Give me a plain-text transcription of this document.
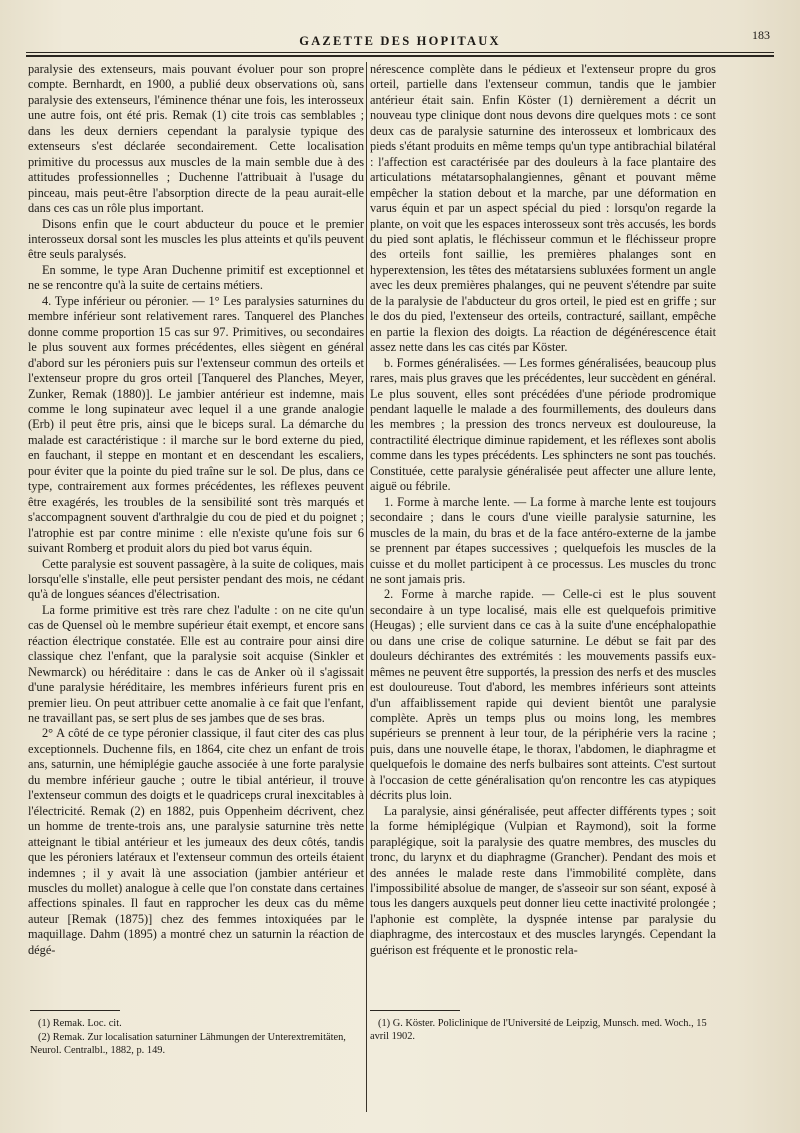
GAZETTE DES HOPITAUX	183

paralysie des extenseurs, mais pouvant évoluer pour son propre compte. Bernhardt, en 1900, a publié deux observations où, sans paralysie des extenseurs, l'éminence thénar une fois, les interosseux une autre fois, ont été pris. Remak (1) cite trois cas semblables ; dans les deux derniers cependant la paralysie typique des extenseurs s'est déclarée secondairement. Cette localisation primitive du processus aux muscles de la main semble due à des attitudes professionnelles ; Duchenne l'attribuait à l'usage du pinceau, mais peut-être l'absorption directe de la peau aurait-elle dans ces cas un rôle plus important.

Disons enfin que le court abducteur du pouce et le premier interosseux dorsal sont les muscles les plus atteints et qu'ils peuvent être seuls paralysés.

En somme, le type Aran Duchenne primitif est exceptionnel et ne se rencontre qu'à la suite de certains métiers.

4. Type inférieur ou péronier. — 1° Les paralysies saturnines du membre inférieur sont relativement rares. Tanquerel des Planches donne comme proportion 15 cas sur 97. Primitives, ou secondaires le plus souvent aux formes précédentes, elles siègent en général d'abord sur les péroniers puis sur l'extenseur commun des orteils et l'extenseur propre du gros orteil [Tanquerel des Planches, Meyer, Zunker, Remak (1880)]. Le jambier antérieur est indemne, mais comme le long supinateur avec lequel il a une grande analogie (Erb) il peut être pris, ainsi que le biceps sural. La démarche du malade est caractéristique : il marche sur le bord externe du pied, en fauchant, il steppe en montant et en descendant les escaliers, pour éviter que la pointe du pied traîne sur le sol. De plus, dans ce type, contrairement aux formes précédentes, les réflexes peuvent être exagérés, les troubles de la sensibilité sont très marqués et s'accompagnent souvent d'arthralgie du cou de pied et du poignet ; l'atrophie est par contre minime : elle n'existe qu'une fois sur 6 suivant Romberg et produit alors du pied bot varus équin.

Cette paralysie est souvent passagère, à la suite de coliques, mais lorsqu'elle s'installe, elle peut persister pendant des mois, ne cédant qu'à de longues séances d'électrisation.

La forme primitive est très rare chez l'adulte : on ne cite qu'un cas de Quensel où le membre supérieur était exempt, et encore sans réaction électrique constatée. Elle est au contraire pour ainsi dire classique chez l'enfant, que la paralysie soit acquise (Sinkler et Newmarck) ou héréditaire : dans le cas de Anker où il s'agissait d'une paralysie héréditaire, les membres inférieurs furent pris en premier lieu. On peut attribuer cette anomalie à ce fait que l'enfant, ne travaillant pas, se sert plus de ses jambes que de ses bras.

2° A côté de ce type péronier classique, il faut citer des cas plus exceptionnels. Duchenne fils, en 1864, cite chez un enfant de trois ans, saturnin, une hémiplégie gauche associée à une forte paralysie du membre inférieur gauche ; outre le tibial antérieur, il trouve l'extenseur commun des doigts et le quadriceps crural inexcitables à l'électricité. Remak (2) en 1882, puis Oppenheim décrivent, chez un homme de trente-trois ans, une paralysie saturnine très nette atteignant le tibial antérieur et les jumeaux des deux côtés, tandis que les péroniers latéraux et l'extenseur commun des orteils étaient indemnes ; il y avait là une association (jambier antérieur et muscles du mollet) analogue à celle que l'on constate dans certaines affections spinales. Il faut en rapprocher les deux cas du même auteur [Remak (1875)] chez des femmes intoxiquées par le maquillage. Dahm (1895) a montré chez un saturnin la réaction de dégé-

nérescence complète dans le pédieux et l'extenseur propre du gros orteil, partielle dans l'extenseur commun, tandis que le jambier antérieur était sain. Enfin Köster (1) dernièrement a décrit un nouveau type clinique dont nous devons dire quelques mots : ce sont deux cas de paralysie saturnine des interosseux et lombricaux des pieds s'étant produits en même temps qu'un type antibrachial bilatéral : l'affection est caractérisée par des douleurs à la face plantaire des articulations métatarsophalangiennes, gênant et pouvant même empêcher la station debout et la marche, par une déformation en varus équin et par un aspect spécial du pied : lorsqu'on regarde la plante, on voit que les espaces interosseux sont très accusés, les bords du pied sont aplatis, le fléchisseur commun et le fléchisseur propre des orteils font saillie, les premières phalanges sont en hyperextension, les têtes des métatarsiens subluxées forment un angle avec les deux premières phalanges, qui ne peuvent s'étendre par suite de la paralysie de l'abducteur du gros orteil, le pied est en griffe ; sur le dos du pied, l'extenseur des orteils, contracturé, saillant, empêche en partie la flexion des doigts. La réaction de dégénérescence était assez nette dans les cas cités par Köster.

b. Formes généralisées. — Les formes généralisées, beaucoup plus rares, mais plus graves que les précédentes, leur succèdent en général. Le plus souvent, elles sont précédées d'une période prodromique pendant laquelle le malade a des fourmillements, des douleurs dans les membres ; la pression des troncs nerveux est douloureuse, la contractilité électrique diminue rapidement, et les réflexes sont abolis comme dans les types précédents. Les sphincters ne sont pas touchés. Constituée, cette paralysie généralisée peut affecter une allure lente, aiguë ou fébrile.

1. Forme à marche lente. — La forme à marche lente est toujours secondaire ; dans le cours d'une vieille paralysie saturnine, les muscles de la main, du bras et de la face antéro-externe de la jambe se prennent par étapes successives ; quelquefois les muscles de la cuisse et du mollet participent à ce processus. Les muscles du tronc ne sont jamais pris.

2. Forme à marche rapide. — Celle-ci est le plus souvent secondaire à un type localisé, mais elle est quelquefois primitive (Heugas) ; elle survient dans ce cas à la suite d'une encéphalopathie ou dans une crise de colique saturnine. Le début se fait par des douleurs déchirantes des extrémités : les mouvements passifs eux-mêmes ne peuvent être supportés, la pression des nerfs et des muscles est douloureuse. Tout d'abord, les membres inférieurs sont atteints d'un affaiblissement rapide qui devient bientôt une paralysie complète. Après un temps plus ou moins long, les membres supérieurs se prennent à leur tour, de la périphérie vers la racine ; puis, dans une nouvelle étape, le thorax, l'abdomen, le diaphragme et quelquefois le domaine des nerfs bulbaires sont atteints. C'est surtout à l'occasion de cette généralisation qu'on rencontre les cas atypiques décrits plus loin.

La paralysie, ainsi généralisée, peut affecter différents types ; soit la forme hémiplégique (Vulpian et Raymond), soit la forme paraplégique, soit la paralysie des quatre membres, des muscles du tronc, du larynx et du diaphragme (Grancher). Pendant des mois et des années le malade reste dans l'immobilité complète, dans l'impossibilité absolue de manger, de s'asseoir sur son séant, exposé à tous les dangers auxquels peut donner lieu cette inactivité prolongée ; l'aphonie est complète, la dyspnée intense par paralysie du diaphragme, des intercostaux et des muscles laryngés. Cependant la guérison est fréquente et le pronostic rela-

(1) Remak. Loc. cit.

(2) Remak. Zur localisation saturniner Lähmungen der Unterextremitäten, Neurol. Centralbl., 1882, p. 149.

(1) G. Köster. Policlinique de l'Université de Leipzig, Munsch. med. Woch., 15 avril 1902.
